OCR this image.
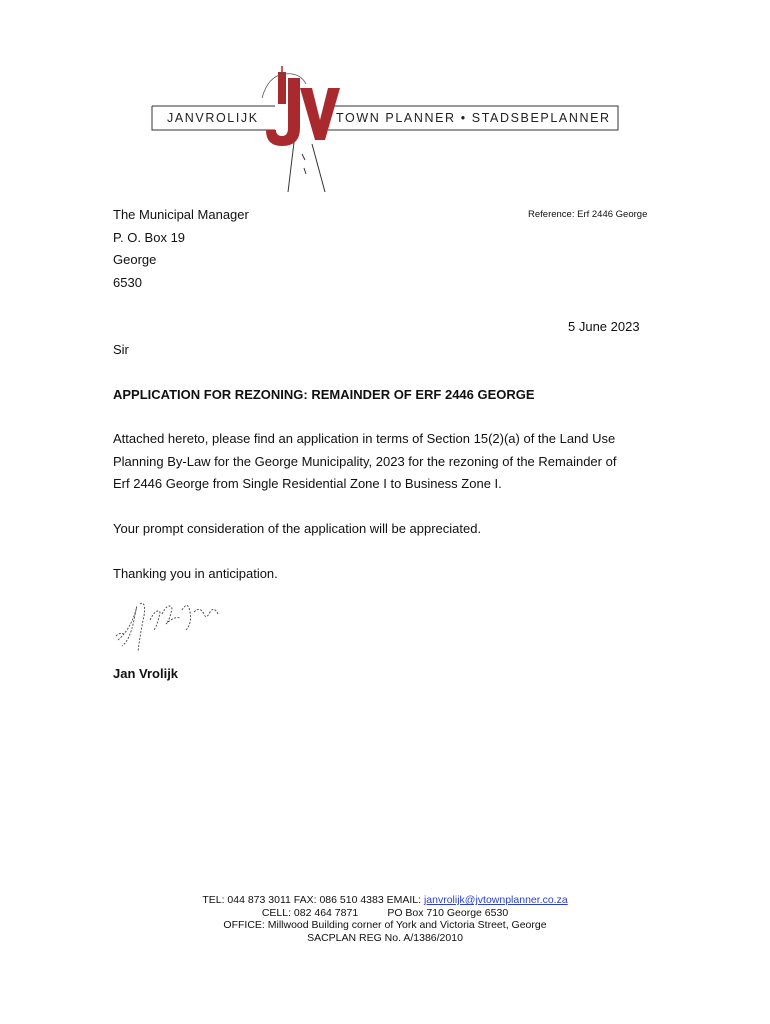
JANVROLIJK	TOWN PLANNER • STADSBEPLANNER
The Municipal Manager
P. O. Box 19
George
6530
Reference: Erf 2446 George
5 June 2023
Sir
APPLICATION FOR REZONING: REMAINDER OF ERF 2446 GEORGE
Attached hereto, please find an application in terms of Section 15(2)(a) of the Land Use
Planning By-Law for the George Municipality, 2023 for the rezoning of the Remainder of
Erf 2446 George from Single Residential Zone I to Business Zone I.
Your prompt consideration of the application will be appreciated.
Thanking you in anticipation.
Jan Vrolijk
TEL: 044 873 3011 FAX: 086 510 4383 EMAIL: janvrolijk@jvtownplanner.co.za
CELL: 082 464 7871          PO Box 710 George 6530
OFFICE: Millwood Building corner of York and Victoria Street, George
SACPLAN REG No. A/1386/2010
